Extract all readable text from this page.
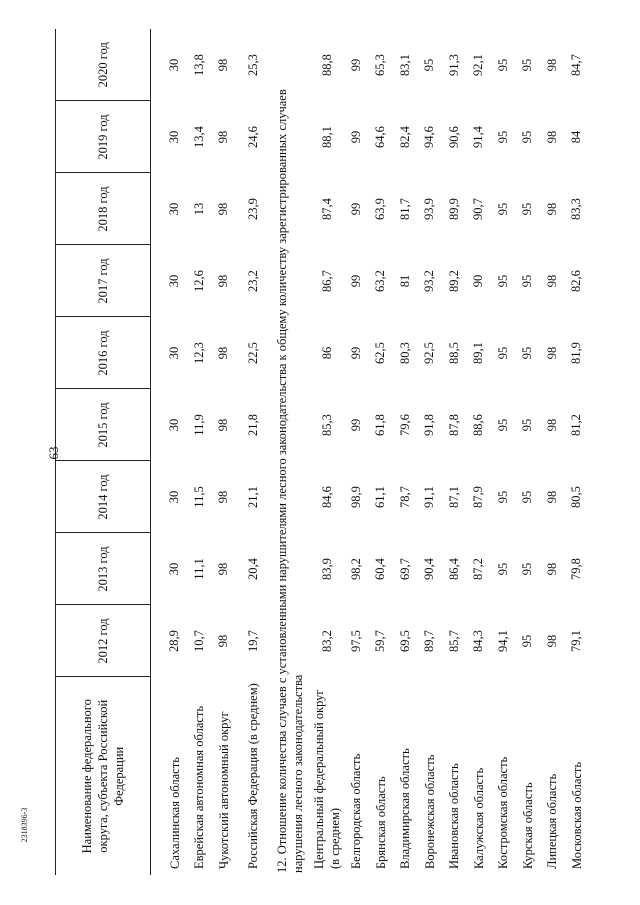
63
2318396-3	Наименование федерального округа, субъекта Российской Федерации	2012 год	2013 год	2014 год	2015 год	2016 год	2017 год	2018 год	2019 год	2020 год

Сахалинская область	28,9	30	30	30	30	30	30	30	30
Еврейская автономная область	10,7	11,1	11,5	11,9	12,3	12,6	13	13,4	13,8
Чукотский автономный округ	98	98	98	98	98	98	98	98	98
Российская Федерация (в среднем)	19,7	20,4	21,1	21,8	22,5	23,2	23,9	24,6	25,3
12. Отношение количества случаев с установленными нарушителями лесного законодательства к общему количеству зарегистрированных случаев нарушения лесного законодательства									
Центральный федеральный округ (в среднем)	83,2	83,9	84,6	85,3	86	86,7	87,4	88,1	88,8
Белгородская область	97,5	98,2	98,9	99	99	99	99	99	99
Брянская область	59,7	60,4	61,1	61,8	62,5	63,2	63,9	64,6	65,3
Владимирская область	69,5	69,7	78,7	79,6	80,3	81	81,7	82,4	83,1
Воронежская область	89,7	90,4	91,1	91,8	92,5	93,2	93,9	94,6	95
Ивановская область	85,7	86,4	87,1	87,8	88,5	89,2	89,9	90,6	91,3
Калужская область	84,3	87,2	87,9	88,6	89,1	90	90,7	91,4	92,1
Костромская область	94,1	95	95	95	95	95	95	95	95
Курская область	95	95	95	95	95	95	95	95	95
Липецкая область	98	98	98	98	98	98	98	98	98
Московская область	79,1	79,8	80,5	81,2	81,9	82,6	83,3	84	84,7
